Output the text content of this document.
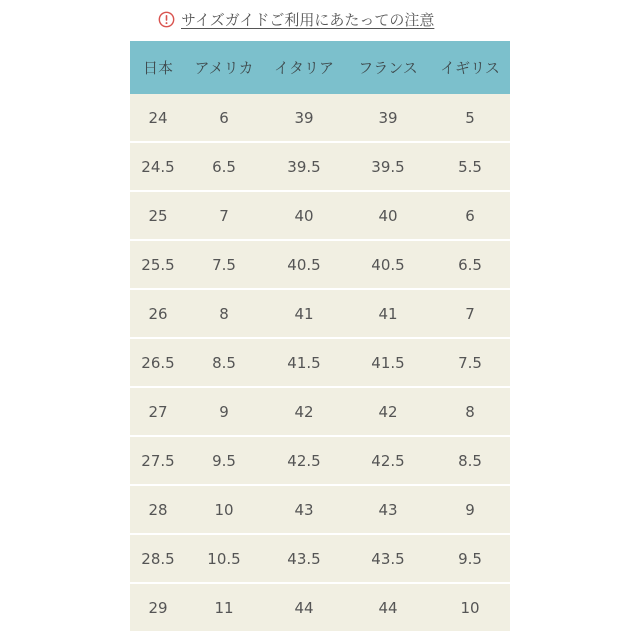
サイズガイドご利用にあたっての注意
日本	アメリカ	イタリア	フランス	イギリス
24	6	39	39	5
24.5	6.5	39.5	39.5	5.5
25	7	40	40	6
25.5	7.5	40.5	40.5	6.5
26	8	41	41	7
26.5	8.5	41.5	41.5	7.5
27	9	42	42	8
27.5	9.5	42.5	42.5	8.5
28	10	43	43	9
28.5	10.5	43.5	43.5	9.5
29	11	44	44	10
